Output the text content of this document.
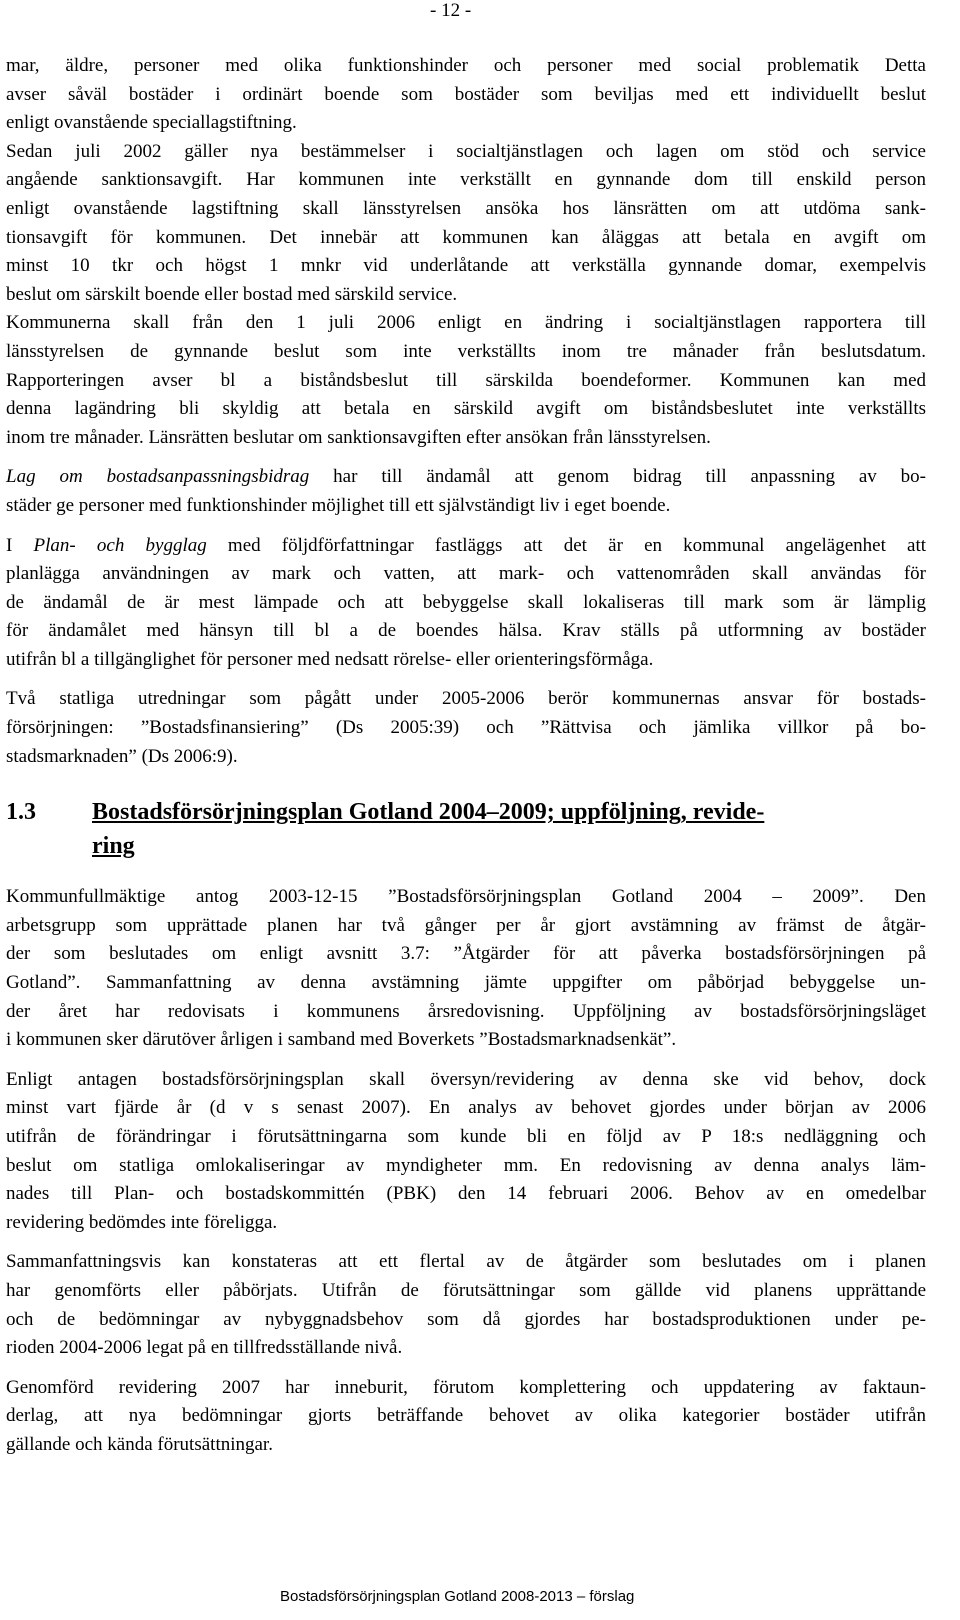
- 12 -
mar, äldre, personer med olika funktionshinder och personer med social problematik Detta
avser såväl bostäder i ordinärt boende som bostäder som beviljas med ett individuellt beslut
enligt ovanstående speciallagstiftning.
Sedan juli 2002 gäller nya bestämmelser i socialtjänstlagen och lagen om stöd och service
angående sanktionsavgift. Har kommunen inte verkställt en gynnande dom till enskild person
enligt ovanstående lagstiftning skall länsstyrelsen ansöka hos länsrätten om att utdöma sank-
tionsavgift för kommunen. Det innebär att kommunen kan åläggas att betala en avgift om
minst 10 tkr och högst 1 mnkr vid underlåtande att verkställa gynnande domar, exempelvis
beslut om särskilt boende eller bostad med särskild service.
Kommunerna skall från den 1 juli 2006 enligt en ändring i socialtjänstlagen rapportera till
länsstyrelsen de gynnande beslut som inte verkställts inom tre månader från beslutsdatum.
Rapporteringen avser bl a biståndsbeslut till särskilda boendeformer. Kommunen kan med
denna lagändring bli skyldig att betala en särskild avgift om biståndsbeslutet inte verkställts
inom tre månader. Länsrätten beslutar om sanktionsavgiften efter ansökan från länsstyrelsen.
Lag om bostadsanpassningsbidrag har till ändamål att genom bidrag till anpassning av bo-
städer ge personer med funktionshinder möjlighet till ett självständigt liv i eget boende.
I Plan- och bygglag med följdförfattningar fastläggs att det är en kommunal angelägenhet att
planlägga användningen av mark och vatten, att mark- och vattenområden skall användas för
de ändamål de är mest lämpade och att bebyggelse skall lokaliseras till mark som är lämplig
för ändamålet med hänsyn till bl a de boendes hälsa. Krav ställs på utformning av bostäder
utifrån bl a tillgänglighet för personer med nedsatt rörelse- eller orienteringsförmåga.
Två statliga utredningar som pågått under 2005-2006 berör kommunernas ansvar för bostads-
försörjningen: ”Bostadsfinansiering” (Ds 2005:39) och ”Rättvisa och jämlika villkor på bo-
stadsmarknaden” (Ds 2006:9).
1.3 Bostadsförsörjningsplan Gotland 2004–2009; uppföljning, revide-
ring
Kommunfullmäktige antog 2003-12-15 ”Bostadsförsörjningsplan Gotland 2004 – 2009”. Den
arbetsgrupp som upprättade planen har två gånger per år gjort avstämning av främst de åtgär-
der som beslutades om enligt avsnitt 3.7: ”Åtgärder för att påverka bostadsförsörjningen på
Gotland”. Sammanfattning av denna avstämning jämte uppgifter om påbörjad bebyggelse un-
der året har redovisats i kommunens årsredovisning. Uppföljning av bostadsförsörjningsläget
i kommunen sker därutöver årligen i samband med Boverkets ”Bostadsmarknadsenkät”.
Enligt antagen bostadsförsörjningsplan skall översyn/revidering av denna ske vid behov, dock
minst vart fjärde år (d v s senast 2007). En analys av behovet gjordes under början av 2006
utifrån de förändringar i förutsättningarna som kunde bli en följd av P 18:s nedläggning och
beslut om statliga omlokaliseringar av myndigheter mm. En redovisning av denna analys läm-
nades till Plan- och bostadskommittén (PBK) den 14 februari 2006. Behov av en omedelbar
revidering bedömdes inte föreligga.
Sammanfattningsvis kan konstateras att ett flertal av de åtgärder som beslutades om i planen
har genomförts eller påbörjats. Utifrån de förutsättningar som gällde vid planens upprättande
och de bedömningar av nybyggnadsbehov som då gjordes har bostadsproduktionen under pe-
rioden 2004-2006 legat på en tillfredsställande nivå.
Genomförd revidering 2007 har inneburit, förutom komplettering och uppdatering av faktaun-
derlag, att nya bedömningar gjorts beträffande behovet av olika kategorier bostäder utifrån
gällande och kända förutsättningar.
Bostadsförsörjningsplan Gotland 2008-2013 – förslag
